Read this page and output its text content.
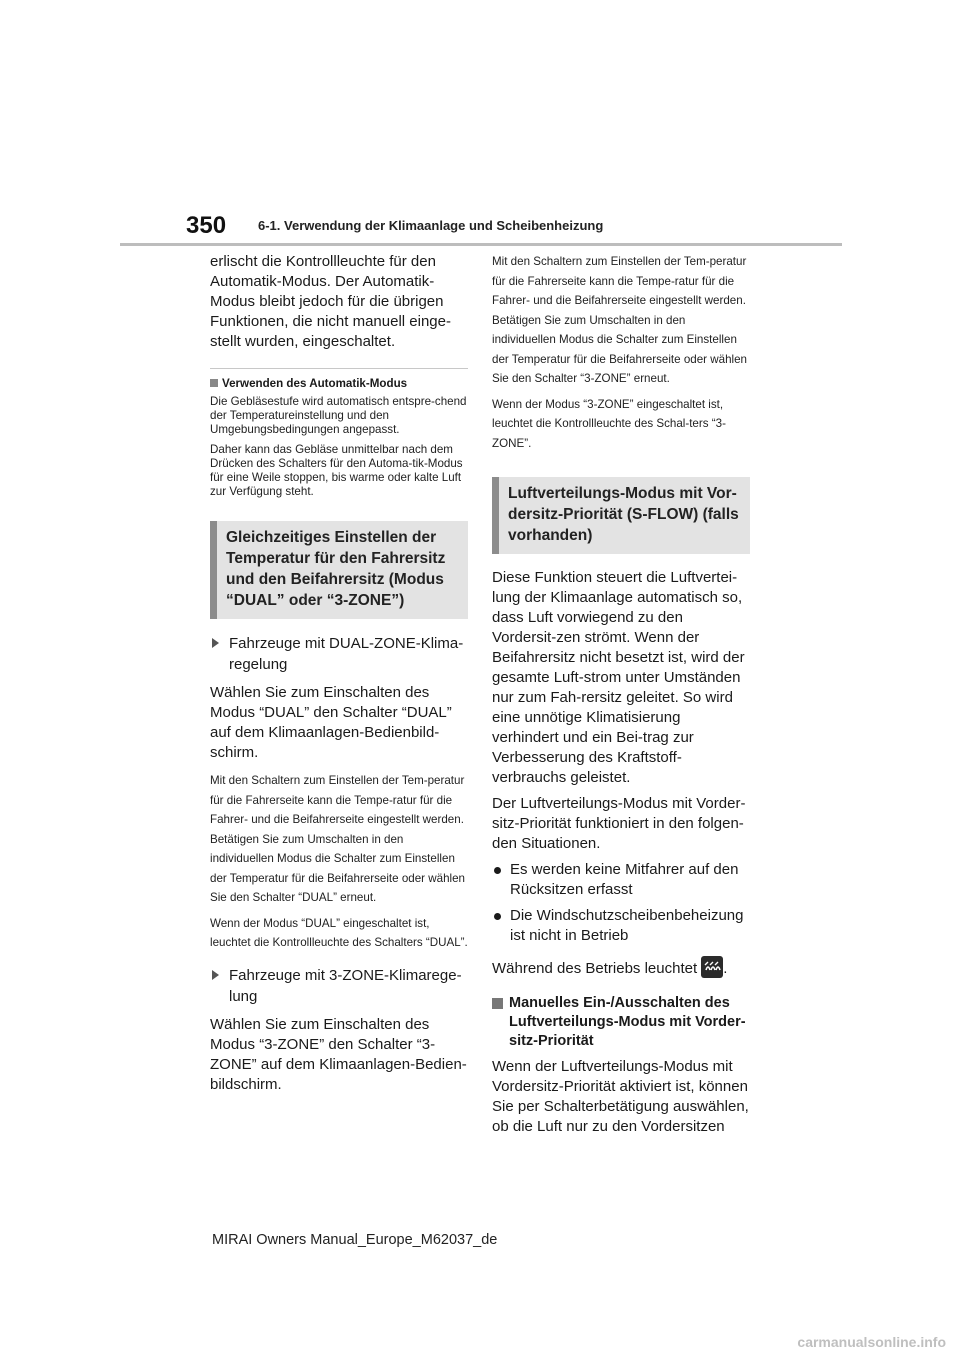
350 6-1. Verwendung der Klimaanlage und Scheibenheizung

erlischt die Kontrollleuchte für den Automatik-Modus. Der Automatik-Modus bleibt jedoch für die übrigen Funktionen, die nicht manuell einge-stellt wurden, eingeschaltet.

Verwenden des Automatik-Modus

Die Gebläsestufe wird automatisch entspre-chend der Temperatureinstellung und den Umgebungsbedingungen angepasst.

Daher kann das Gebläse unmittelbar nach dem Drücken des Schalters für den Automa-tik-Modus für eine Weile stoppen, bis warme oder kalte Luft zur Verfügung steht.

Gleichzeitiges Einstellen der Temperatur für den Fahrersitz und den Beifahrersitz (Modus “DUAL” oder “3-ZONE”)
Fahrzeuge mit DUAL-ZONE-Klima-regelung

Wählen Sie zum Einschalten des Modus “DUAL” den Schalter “DUAL” auf dem Klimaanlagen-Bedienbild-schirm.

Mit den Schaltern zum Einstellen der Tem-peratur für die Fahrerseite kann die Tempe-ratur für die Fahrer- und die Beifahrerseite eingestellt werden. Betätigen Sie zum Umschalten in den individuellen Modus die Schalter zum Einstellen der Temperatur für die Beifahrerseite oder wählen Sie den Schalter “DUAL” erneut.

Wenn der Modus “DUAL” eingeschaltet ist, leuchtet die Kontrollleuchte des Schalters “DUAL”.

Fahrzeuge mit 3-ZONE-Klimarege-lung

Wählen Sie zum Einschalten des Modus “3-ZONE” den Schalter “3-ZONE” auf dem Klimaanlagen-Bedien-bildschirm.

Mit den Schaltern zum Einstellen der Tem-peratur für die Fahrerseite kann die Tempe-ratur für die Fahrer- und die Beifahrerseite eingestellt werden. Betätigen Sie zum Umschalten in den individuellen Modus die Schalter zum Einstellen der Temperatur für die Beifahrerseite oder wählen Sie den Schalter “3-ZONE” erneut.

Wenn der Modus “3-ZONE” eingeschaltet ist, leuchtet die Kontrollleuchte des Schal-ters “3-ZONE”.

Luftverteilungs-Modus mit Vor-dersitz-Priorität (S-FLOW) (falls vorhanden)

Diese Funktion steuert die Luftvertei-lung der Klimaanlage automatisch so, dass Luft vorwiegend zu den Vordersit-zen strömt. Wenn der Beifahrersitz nicht besetzt ist, wird der gesamte Luft-strom unter Umständen nur zum Fah-rersitz geleitet. So wird eine unnötige Klimatisierung verhindert und ein Bei-trag zur Verbesserung des Kraftstoff-verbrauchs geleistet.

Der Luftverteilungs-Modus mit Vorder-sitz-Priorität funktioniert in den folgen-den Situationen.

Es werden keine Mitfahrer auf den Rücksitzen erfasst
Die Windschutzscheibenbeheizung ist nicht in Betrieb

Während des Betriebs leuchtet .

Manuelles Ein-/Ausschalten des Luftverteilungs-Modus mit Vorder-sitz-Priorität

Wenn der Luftverteilungs-Modus mit Vordersitz-Priorität aktiviert ist, können Sie per Schalterbetätigung auswählen, ob die Luft nur zu den Vordersitzen

MIRAI Owners Manual_Europe_M62037_de
carmanualsonline.info
